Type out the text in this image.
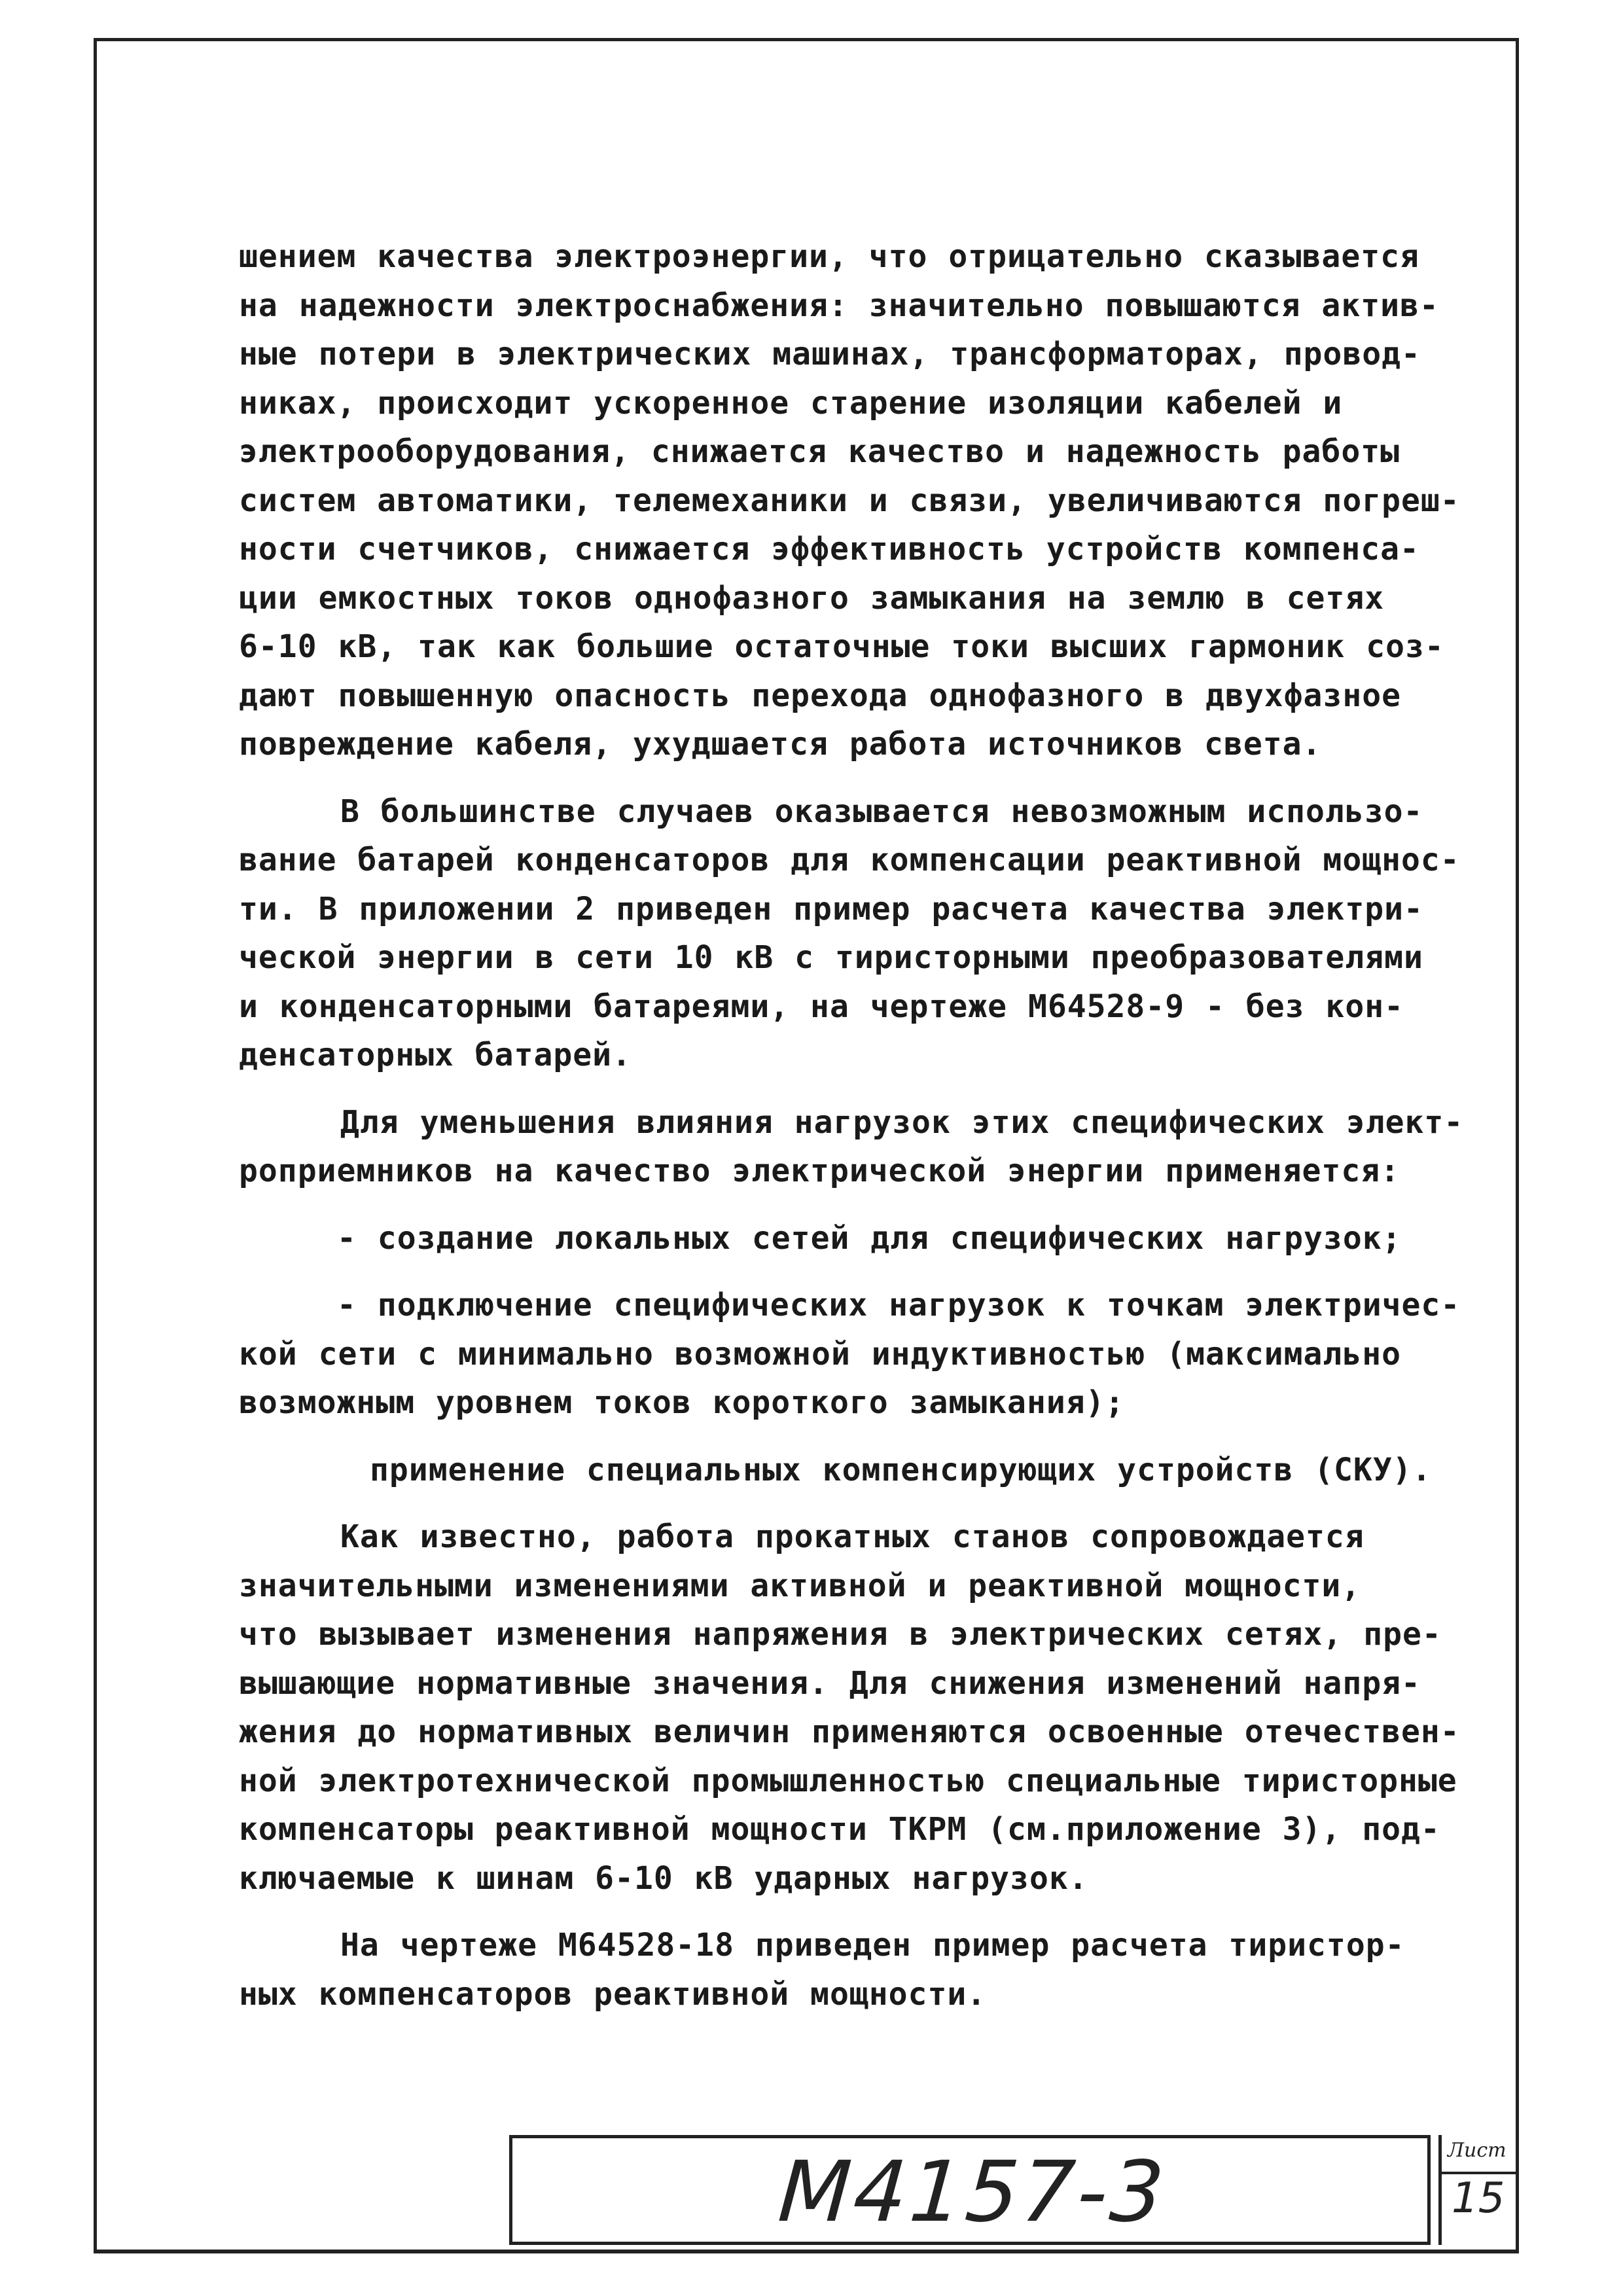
шением качества электроэнергии, что отрицательно сказывается
на надежности электроснабжения: значительно повышаются актив-
ные потери в электрических машинах, трансформаторах, провод-
никах, происходит ускоренное старение изоляции кабелей и
электрооборудования, снижается качество и надежность работы
систем автоматики, телемеханики и связи, увеличиваются погреш-
ности счетчиков, снижается эффективность устройств компенса-
ции емкостных токов однофазного замыкания на землю в сетях
6-10 кВ, так как большие остаточные токи высших гармоник соз-
дают повышенную опасность перехода однофазного в двухфазное
повреждение кабеля, ухудшается работа источников света.
В большинстве случаев оказывается невозможным использо-
вание батарей конденсаторов для компенсации реактивной мощнос-
ти. В приложении 2 приведен пример расчета качества электри-
ческой энергии в сети 10 кВ с тиристорными преобразователями
и конденсаторными батареями, на чертеже М64528-9 - без кон-
денсаторных батарей.
Для уменьшения влияния нагрузок этих специфических элект-
роприемников на качество электрической энергии применяется:
- создание локальных сетей для специфических нагрузок;
- подключение специфических нагрузок к точкам электричес-
кой сети с минимально возможной индуктивностью (максимально
возможным уровнем токов короткого замыкания);
применение специальных компенсирующих устройств (СКУ).
Как известно, работа прокатных станов сопровождается
значительными изменениями активной и реактивной мощности,
что вызывает изменения напряжения в электрических сетях, пре-
вышающие нормативные значения. Для снижения изменений напря-
жения до нормативных величин применяются освоенные отечествен-
ной электротехнической промышленностью специальные тиристорные
компенсаторы реактивной мощности ТКРМ (см.приложение 3), под-
ключаемые к шинам 6-10 кВ ударных нагрузок.
На чертеже М64528-18 приведен пример расчета тиристор-
ных компенсаторов реактивной мощности.
М4157-3	Лист
15
